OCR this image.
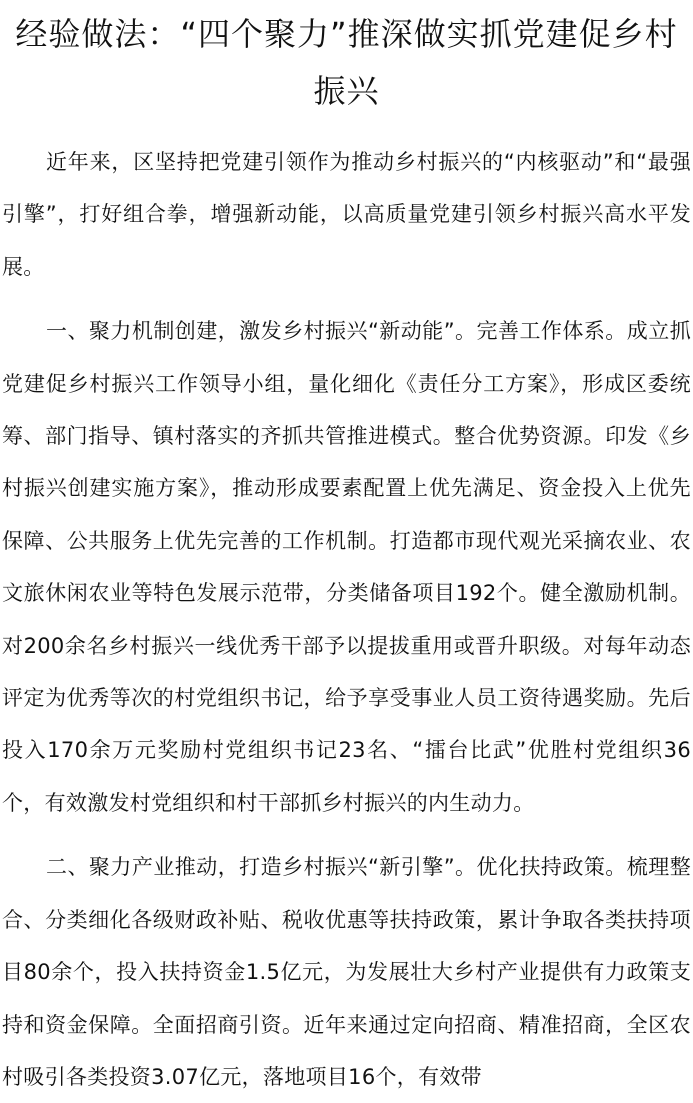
经验做法：“四个聚力”推深做实抓党建促乡村振兴

近年来，区坚持把党建引领作为推动乡村振兴的“内核驱动”和“最强引擎”，打好组合拳，增强新动能，以高质量党建引领乡村振兴高水平发展。

一、聚力机制创建，激发乡村振兴“新动能”。完善工作体系。成立抓党建促乡村振兴工作领导小组，量化细化《责任分工方案》，形成区委统筹、部门指导、镇村落实的齐抓共管推进模式。整合优势资源。印发《乡村振兴创建实施方案》，推动形成要素配置上优先满足、资金投入上优先保障、公共服务上优先完善的工作机制。打造都市现代观光采摘农业、农文旅休闲农业等特色发展示范带，分类储备项目192个。健全激励机制。对200余名乡村振兴一线优秀干部予以提拔重用或晋升职级。对每年动态评定为优秀等次的村党组织书记，给予享受事业人员工资待遇奖励。先后投入170余万元奖励村党组织书记23名、“擂台比武”优胜村党组织36个，有效激发村党组织和村干部抓乡村振兴的内生动力。

二、聚力产业推动，打造乡村振兴“新引擎”。优化扶持政策。梳理整合、分类细化各级财政补贴、税收优惠等扶持政策，累计争取各类扶持项目80余个，投入扶持资金1.5亿元，为发展壮大乡村产业提供有力政策支持和资金保障。全面招商引资。近年来通过定向招商、精准招商，全区农村吸引各类投资3.07亿元，落地项目16个，有效带
